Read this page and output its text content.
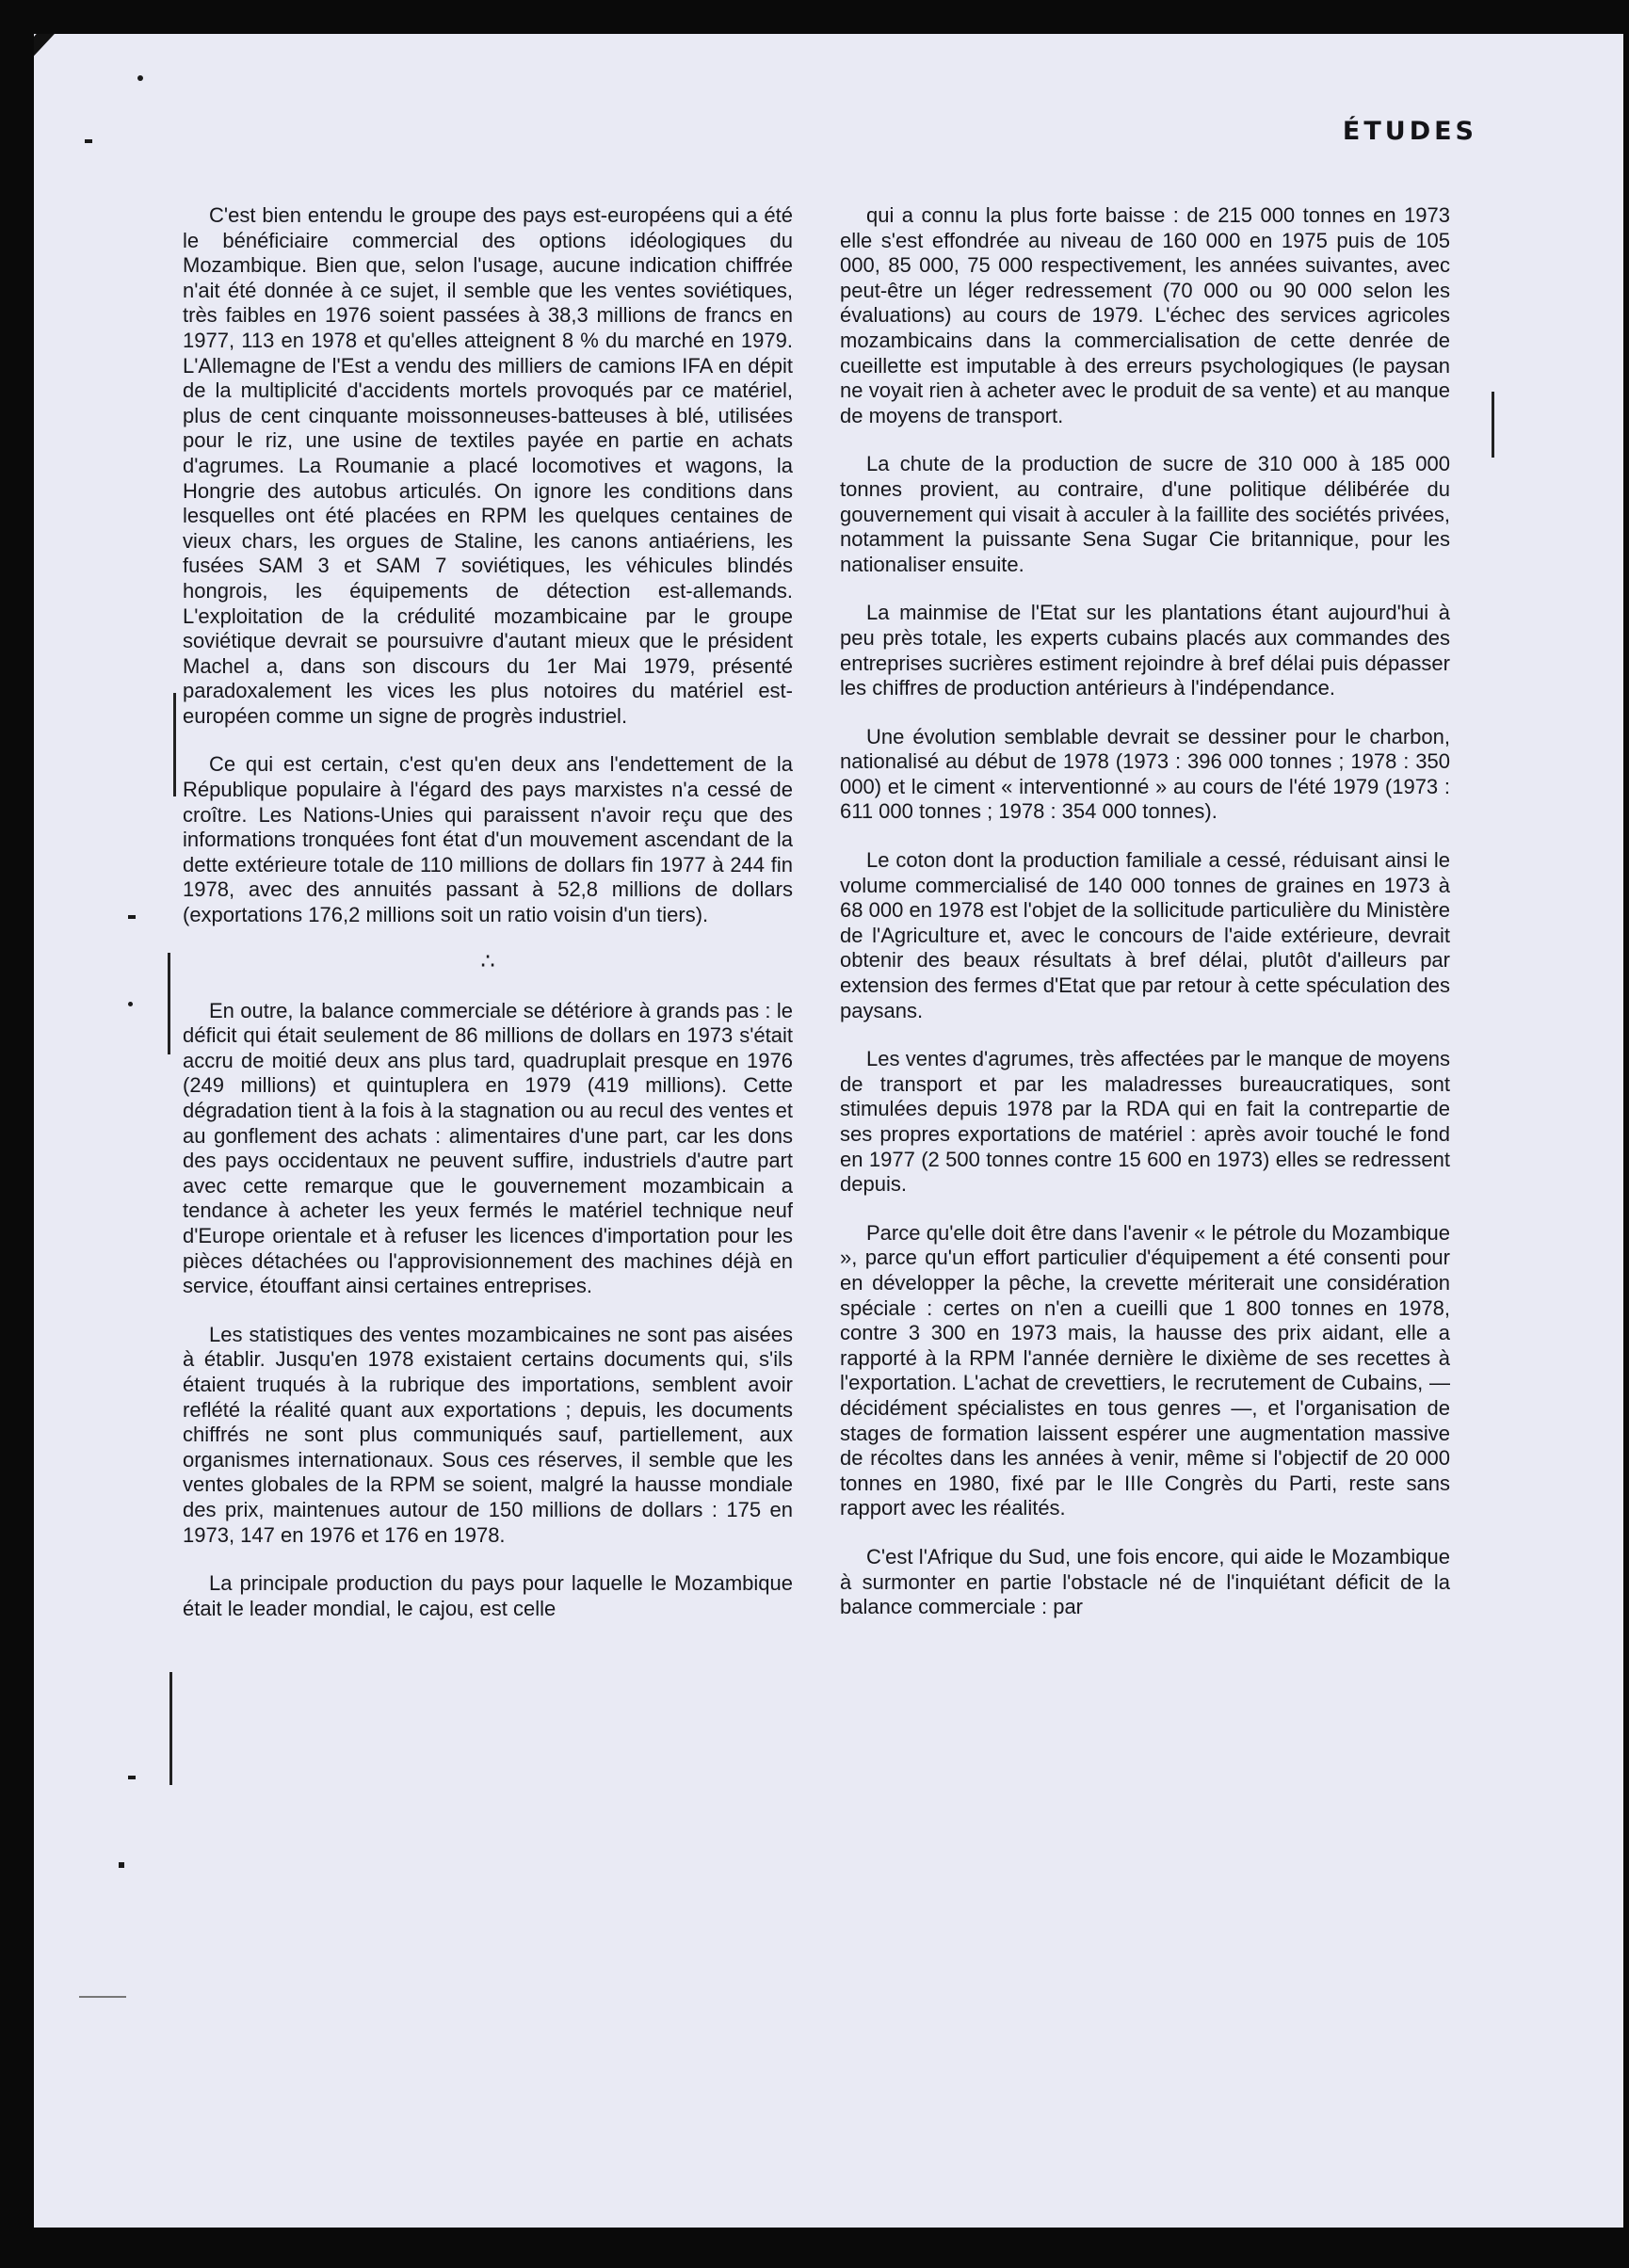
ÉTUDES

C'est bien entendu le groupe des pays est-européens qui a été le bénéficiaire commercial des options idéologiques du Mozambique. Bien que, selon l'usage, aucune indication chiffrée n'ait été donnée à ce sujet, il semble que les ventes soviétiques, très faibles en 1976 soient passées à 38,3 millions de francs en 1977, 113 en 1978 et qu'elles atteignent 8 % du marché en 1979. L'Allemagne de l'Est a vendu des milliers de camions IFA en dépit de la multiplicité d'accidents mortels provoqués par ce matériel, plus de cent cinquante moissonneuses-batteuses à blé, utilisées pour le riz, une usine de textiles payée en partie en achats d'agrumes. La Roumanie a placé locomotives et wagons, la Hongrie des autobus articulés. On ignore les conditions dans lesquelles ont été placées en RPM les quelques centaines de vieux chars, les orgues de Staline, les canons antiaériens, les fusées SAM 3 et SAM 7 soviétiques, les véhicules blindés hongrois, les équipements de détection est-allemands. L'exploitation de la crédulité mozambicaine par le groupe soviétique devrait se poursuivre d'autant mieux que le président Machel a, dans son discours du 1er Mai 1979, présenté paradoxalement les vices les plus notoires du matériel est-européen comme un signe de progrès industriel.

Ce qui est certain, c'est qu'en deux ans l'endettement de la République populaire à l'égard des pays marxistes n'a cessé de croître. Les Nations-Unies qui paraissent n'avoir reçu que des informations tronquées font état d'un mouvement ascendant de la dette extérieure totale de 110 millions de dollars fin 1977 à 244 fin 1978, avec des annuités passant à 52,8 millions de dollars (exportations 176,2 millions soit un ratio voisin d'un tiers).

∴

En outre, la balance commerciale se détériore à grands pas : le déficit qui était seulement de 86 millions de dollars en 1973 s'était accru de moitié deux ans plus tard, quadruplait presque en 1976 (249 millions) et quintuplera en 1979 (419 millions). Cette dégradation tient à la fois à la stagnation ou au recul des ventes et au gonflement des achats : alimentaires d'une part, car les dons des pays occidentaux ne peuvent suffire, industriels d'autre part avec cette remarque que le gouvernement mozambicain a tendance à acheter les yeux fermés le matériel technique neuf d'Europe orientale et à refuser les licences d'importation pour les pièces détachées ou l'approvisionnement des machines déjà en service, étouffant ainsi certaines entreprises.

Les statistiques des ventes mozambicaines ne sont pas aisées à établir. Jusqu'en 1978 existaient certains documents qui, s'ils étaient truqués à la rubrique des importations, semblent avoir reflété la réalité quant aux exportations ; depuis, les documents chiffrés ne sont plus communiqués sauf, partiellement, aux organismes internationaux. Sous ces réserves, il semble que les ventes globales de la RPM se soient, malgré la hausse mondiale des prix, maintenues autour de 150 millions de dollars : 175 en 1973, 147 en 1976 et 176 en 1978.

La principale production du pays pour laquelle le Mozambique était le leader mondial, le cajou, est celle

qui a connu la plus forte baisse : de 215 000 tonnes en 1973 elle s'est effondrée au niveau de 160 000 en 1975 puis de 105 000, 85 000, 75 000 respectivement, les années suivantes, avec peut-être un léger redressement (70 000 ou 90 000 selon les évaluations) au cours de 1979. L'échec des services agricoles mozambicains dans la commercialisation de cette denrée de cueillette est imputable à des erreurs psychologiques (le paysan ne voyait rien à acheter avec le produit de sa vente) et au manque de moyens de transport.

La chute de la production de sucre de 310 000 à 185 000 tonnes provient, au contraire, d'une politique délibérée du gouvernement qui visait à acculer à la faillite des sociétés privées, notamment la puissante Sena Sugar Cie britannique, pour les nationaliser ensuite.

La mainmise de l'Etat sur les plantations étant aujourd'hui à peu près totale, les experts cubains placés aux commandes des entreprises sucrières estiment rejoindre à bref délai puis dépasser les chiffres de production antérieurs à l'indépendance.

Une évolution semblable devrait se dessiner pour le charbon, nationalisé au début de 1978 (1973 : 396 000 tonnes ; 1978 : 350 000) et le ciment « interventionné » au cours de l'été 1979 (1973 : 611 000 tonnes ; 1978 : 354 000 tonnes).

Le coton dont la production familiale a cessé, réduisant ainsi le volume commercialisé de 140 000 tonnes de graines en 1973 à 68 000 en 1978 est l'objet de la sollicitude particulière du Ministère de l'Agriculture et, avec le concours de l'aide extérieure, devrait obtenir des beaux résultats à bref délai, plutôt d'ailleurs par extension des fermes d'Etat que par retour à cette spéculation des paysans.

Les ventes d'agrumes, très affectées par le manque de moyens de transport et par les maladresses bureaucratiques, sont stimulées depuis 1978 par la RDA qui en fait la contrepartie de ses propres exportations de matériel : après avoir touché le fond en 1977 (2 500 tonnes contre 15 600 en 1973) elles se redressent depuis.

Parce qu'elle doit être dans l'avenir « le pétrole du Mozambique », parce qu'un effort particulier d'équipement a été consenti pour en développer la pêche, la crevette mériterait une considération spéciale : certes on n'en a cueilli que 1 800 tonnes en 1978, contre 3 300 en 1973 mais, la hausse des prix aidant, elle a rapporté à la RPM l'année dernière le dixième de ses recettes à l'exportation. L'achat de crevettiers, le recrutement de Cubains, — décidément spécialistes en tous genres —, et l'organisation de stages de formation laissent espérer une augmentation massive de récoltes dans les années à venir, même si l'objectif de 20 000 tonnes en 1980, fixé par le IIIe Congrès du Parti, reste sans rapport avec les réalités.

C'est l'Afrique du Sud, une fois encore, qui aide le Mozambique à surmonter en partie l'obstacle né de l'inquiétant déficit de la balance commerciale : par
